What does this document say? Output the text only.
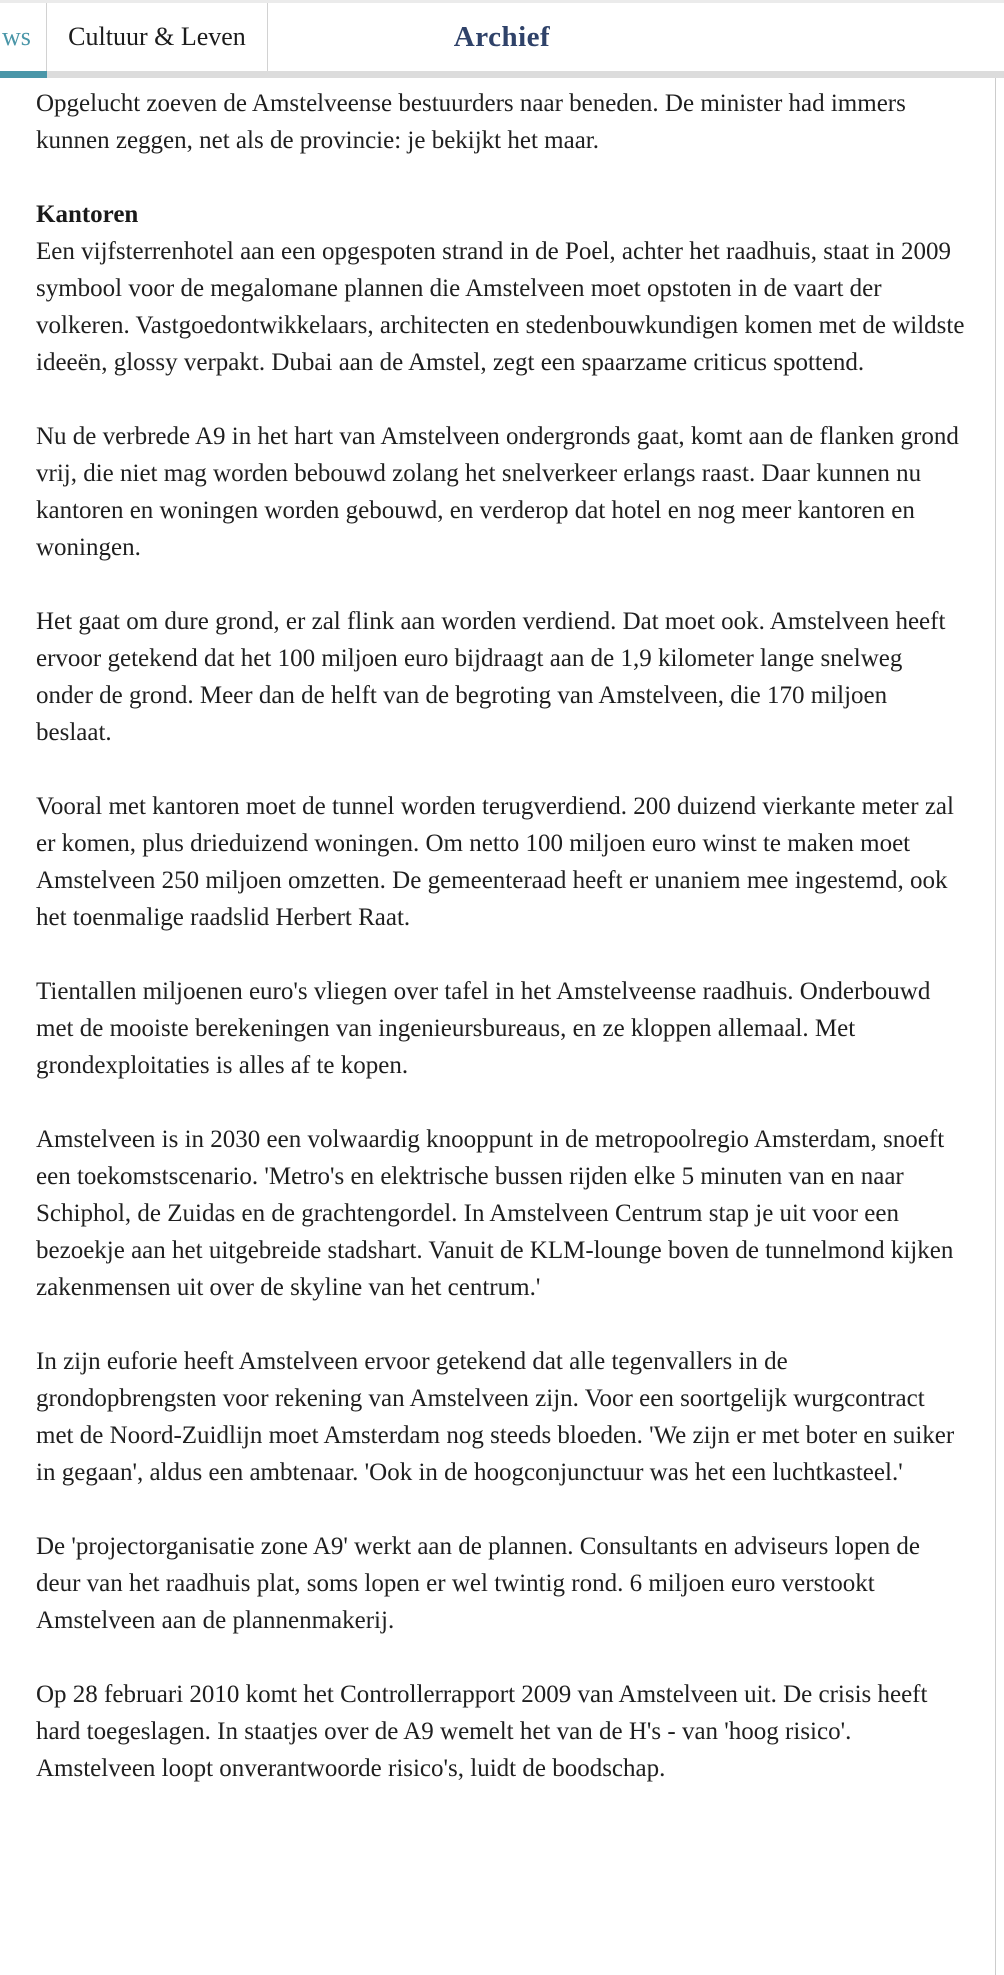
ws Cultuur & Leven	Archief

Opgelucht zoeven de Amstelveense bestuurders naar beneden. De minister had immers kunnen zeggen, net als de provincie: je bekijkt het maar.

Kantoren

Een vijfsterrenhotel aan een opgespoten strand in de Poel, achter het raadhuis, staat in 2009 symbool voor de megalomane plannen die Amstelveen moet opstoten in de vaart der volkeren. Vastgoedontwikkelaars, architecten en stedenbouwkundigen komen met de wildste ideeën, glossy verpakt. Dubai aan de Amstel, zegt een spaarzame criticus spottend.

Nu de verbrede A9 in het hart van Amstelveen ondergronds gaat, komt aan de flanken grond vrij, die niet mag worden bebouwd zolang het snelverkeer erlangs raast. Daar kunnen nu kantoren en woningen worden gebouwd, en verderop dat hotel en nog meer kantoren en woningen.

Het gaat om dure grond, er zal flink aan worden verdiend. Dat moet ook. Amstelveen heeft ervoor getekend dat het 100 miljoen euro bijdraagt aan de 1,9 kilometer lange snelweg onder de grond. Meer dan de helft van de begroting van Amstelveen, die 170 miljoen beslaat.

Vooral met kantoren moet de tunnel worden terugverdiend. 200 duizend vierkante meter zal er komen, plus drieduizend woningen. Om netto 100 miljoen euro winst te maken moet Amstelveen 250 miljoen omzetten. De gemeenteraad heeft er unaniem mee ingestemd, ook het toenmalige raadslid Herbert Raat.

Tientallen miljoenen euro's vliegen over tafel in het Amstelveense raadhuis. Onderbouwd met de mooiste berekeningen van ingenieursbureaus, en ze kloppen allemaal. Met grondexploitaties is alles af te kopen.

Amstelveen is in 2030 een volwaardig knooppunt in de metropoolregio Amsterdam, snoeft een toekomstscenario. 'Metro's en elektrische bussen rijden elke 5 minuten van en naar Schiphol, de Zuidas en de grachtengordel. In Amstelveen Centrum stap je uit voor een bezoekje aan het uitgebreide stadshart. Vanuit de KLM-lounge boven de tunnelmond kijken zakenmensen uit over de skyline van het centrum.'

In zijn euforie heeft Amstelveen ervoor getekend dat alle tegenvallers in de grondopbrengsten voor rekening van Amstelveen zijn. Voor een soortgelijk wurgcontract met de Noord-Zuidlijn moet Amsterdam nog steeds bloeden. 'We zijn er met boter en suiker in gegaan', aldus een ambtenaar. 'Ook in de hoogconjunctuur was het een luchtkasteel.'

De 'projectorganisatie zone A9' werkt aan de plannen. Consultants en adviseurs lopen de deur van het raadhuis plat, soms lopen er wel twintig rond. 6 miljoen euro verstookt Amstelveen aan de plannenmakerij.

Op 28 februari 2010 komt het Controllerrapport 2009 van Amstelveen uit. De crisis heeft hard toegeslagen. In staatjes over de A9 wemelt het van de H's - van 'hoog risico'. Amstelveen loopt onverantwoorde risico's, luidt de boodschap.
